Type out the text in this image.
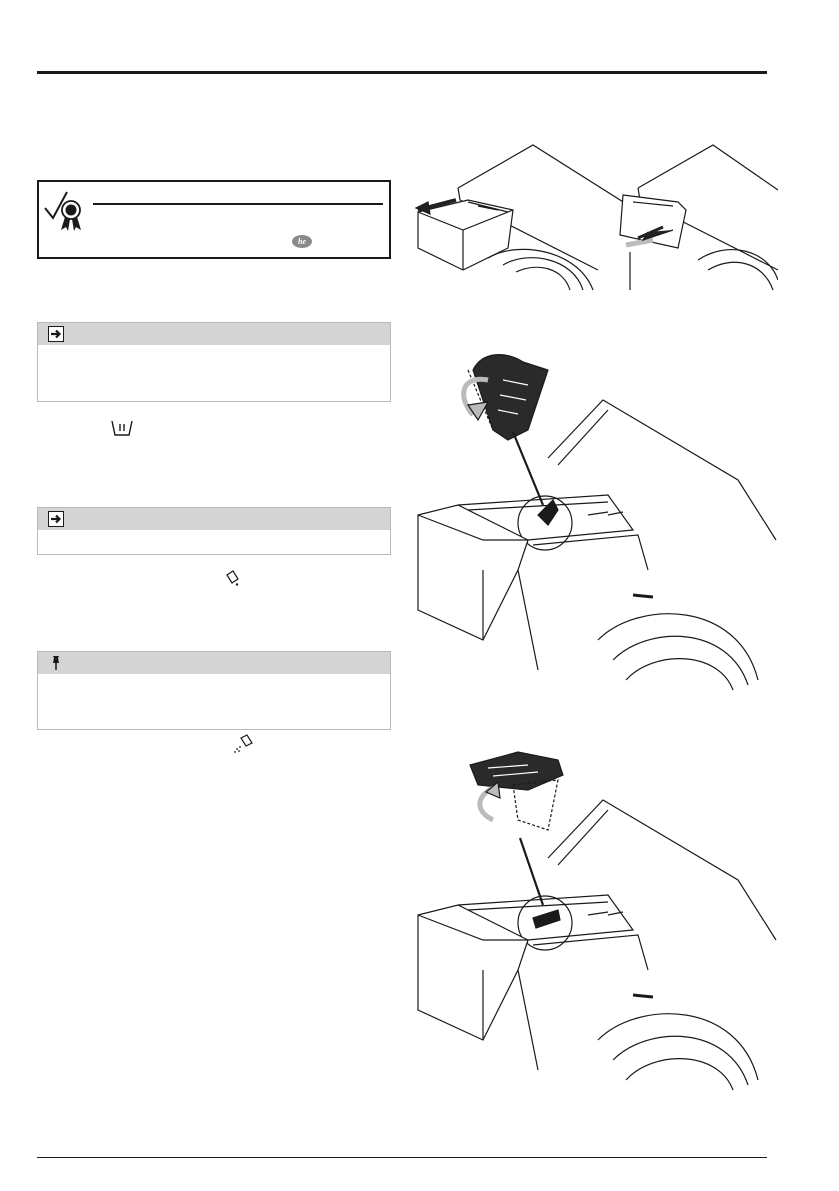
he
